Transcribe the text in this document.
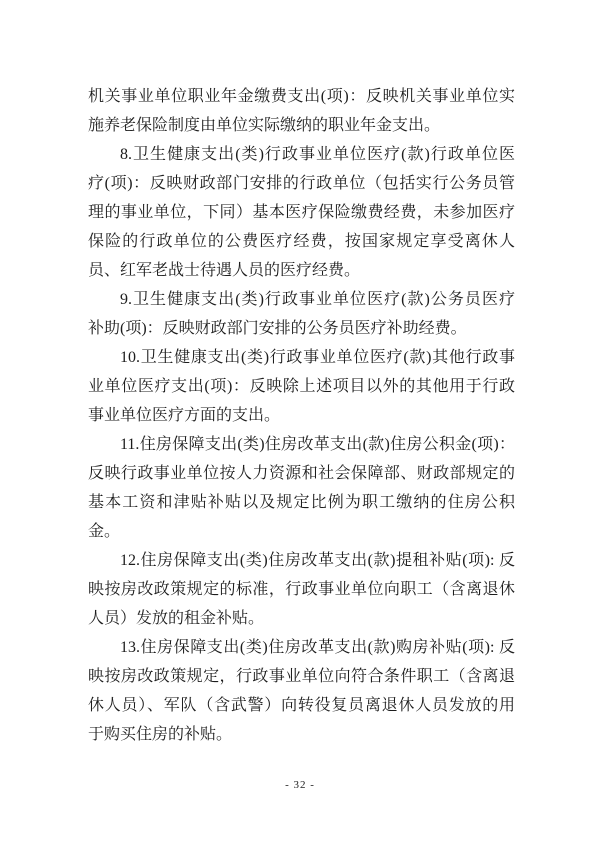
机关事业单位职业年金缴费支出(项)：反映机关事业单位实
施养老保险制度由单位实际缴纳的职业年金支出。
8.卫生健康支出(类)行政事业单位医疗(款)行政单位医
疗(项)：反映财政部门安排的行政单位（包括实行公务员管
理的事业单位，下同）基本医疗保险缴费经费，未参加医疗
保险的行政单位的公费医疗经费，按国家规定享受离休人
员、红军老战士待遇人员的医疗经费。
9.卫生健康支出(类)行政事业单位医疗(款)公务员医疗
补助(项)：反映财政部门安排的公务员医疗补助经费。
10.卫生健康支出(类)行政事业单位医疗(款)其他行政事
业单位医疗支出(项)：反映除上述项目以外的其他用于行政
事业单位医疗方面的支出。
11.住房保障支出(类)住房改革支出(款)住房公积金(项)：
反映行政事业单位按人力资源和社会保障部、财政部规定的
基本工资和津贴补贴以及规定比例为职工缴纳的住房公积
金。
12.住房保障支出(类)住房改革支出(款)提租补贴(项): 反
映按房改政策规定的标准，行政事业单位向职工（含离退休
人员）发放的租金补贴。
13.住房保障支出(类)住房改革支出(款)购房补贴(项): 反
映按房改政策规定，行政事业单位向符合条件职工（含离退
休人员）、军队（含武警）向转役复员离退休人员发放的用
于购买住房的补贴。
- 32 -
